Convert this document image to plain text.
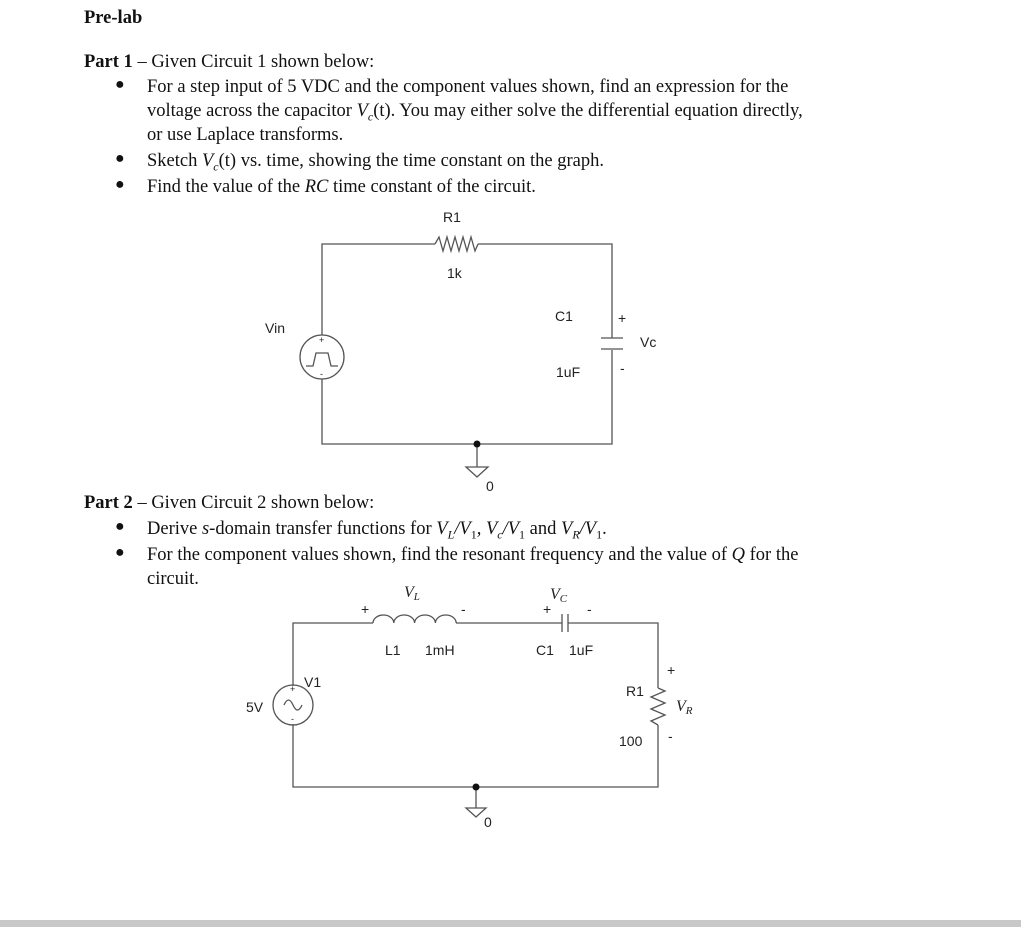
Pre-lab
Part 1 – Given Circuit 1 shown below:
● For a step input of 5 VDC and the component values shown, find an expression for the
voltage across the capacitor $V_c(t)$. You may either solve the differential equation directly,
or use Laplace transforms.
● Sketch $V_c(t)$ vs. time, showing the time constant on the graph.
● Find the value of the RC time constant of the circuit.
Part 2 – Given Circuit 2 shown below:
● Derive s-domain transfer functions for $V_L/V_1$, $V_c/V_1$ and $V_R/V_1$.
● For the component values shown, find the resonant frequency and the value of Q for the
circuit.
+
-
R1
1k
C1
1uF
Vin
+
Vc
-
0
+
-
VL	VC
VR
+	-	+	-
L1 1mH	C1 1uF
+
R1
100 -
V1
5V
0
